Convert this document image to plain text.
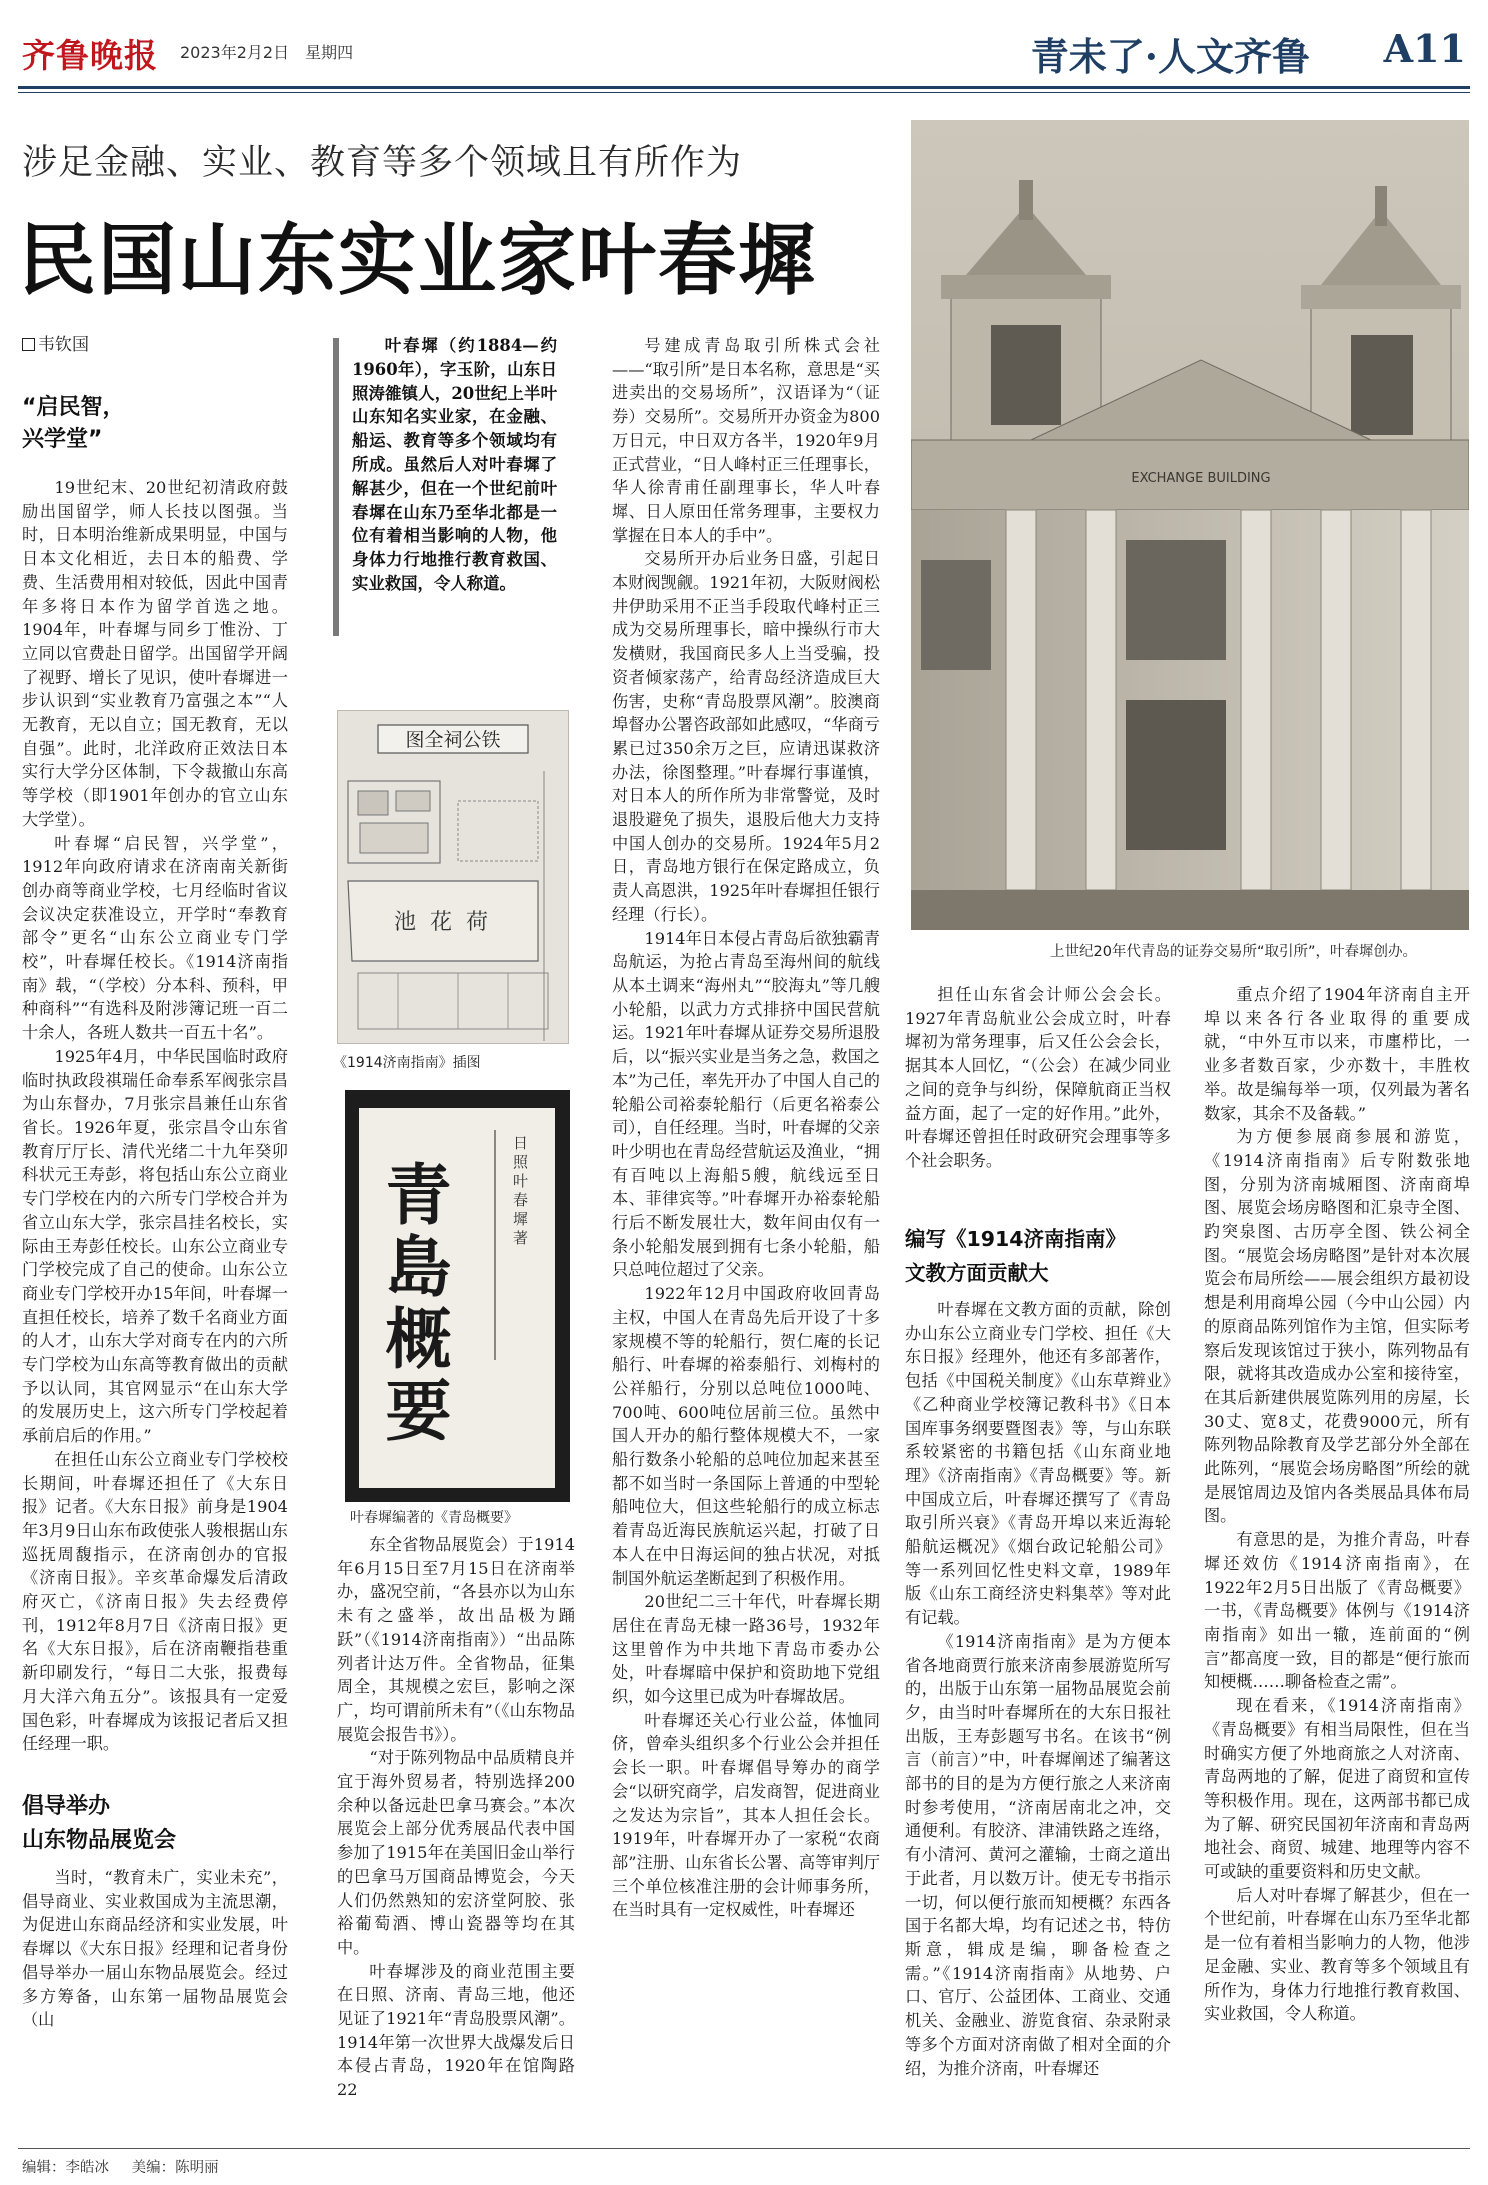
齐鲁晚报 2023年2月2日　星期四	青未了·人文齐鲁 A11
涉足金融、实业、教育等多个领域且有所作为
民国山东实业家叶春墀
韦钦国
“启民智，
兴学堂”

19世纪末、20世纪初清政府鼓励出国留学，师人长技以图强。当时，日本明治维新成果明显，中国与日本文化相近，去日本的船费、学费、生活费用相对较低，因此中国青年多将日本作为留学首选之地。1904年，叶春墀与同乡丁惟汾、丁立同以官费赴日留学。出国留学开阔了视野、增长了见识，使叶春墀进一步认识到“实业教育乃富强之本”“人无教育，无以自立；国无教育，无以自强”。此时，北洋政府正效法日本实行大学分区体制，下令裁撤山东高等学校（即1901年创办的官立山东大学堂）。

叶春墀“启民智，兴学堂”，1912年向政府请求在济南南关新街创办商等商业学校，七月经临时省议会议决定获准设立，开学时“奉教育部令”更名“山东公立商业专门学校”，叶春墀任校长。《1914济南指南》载，“（学校）分本科、预科，甲种商科”“有选科及附涉簿记班一百二十余人，各班人数共一百五十名”。

1925年4月，中华民国临时政府临时执政段祺瑞任命奉系军阀张宗昌为山东督办，7月张宗昌兼任山东省省长。1926年夏，张宗昌令山东省教育厅厅长、清代光绪二十九年癸卯科状元王寿彭，将包括山东公立商业专门学校在内的六所专门学校合并为省立山东大学，张宗昌挂名校长，实际由王寿彭任校长。山东公立商业专门学校完成了自己的使命。山东公立商业专门学校开办15年间，叶春墀一直担任校长，培养了数千名商业方面的人才，山东大学对商专在内的六所专门学校为山东高等教育做出的贡献予以认同，其官网显示“在山东大学的发展历史上，这六所专门学校起着承前启后的作用。”

在担任山东公立商业专门学校校长期间，叶春墀还担任了《大东日报》记者。《大东日报》前身是1904年3月9日山东布政使张人骏根据山东巡抚周馥指示，在济南创办的官报《济南日报》。辛亥革命爆发后清政府灭亡，《济南日报》失去经费停刊，1912年8月7日《济南日报》更名《大东日报》，后在济南鞭指巷重新印刷发行，“每日二大张，报费每月大洋六角五分”。该报具有一定爱国色彩，叶春墀成为该报记者后又担任经理一职。

倡导举办
山东物品展览会

当时，“教育未广，实业未充”，倡导商业、实业救国成为主流思潮，为促进山东商品经济和实业发展，叶春墀以《大东日报》经理和记者身份倡导举办一届山东物品展览会。经过多方筹备，山东第一届物品展览会（山

叶春墀（约1884—约1960年），字玉阶，山东日照涛雒镇人，20世纪上半叶山东知名实业家，在金融、船运、教育等多个领域均有所成。虽然后人对叶春墀了解甚少，但在一个世纪前叶春墀在山东乃至华北都是一位有着相当影响的人物，他身体力行地推行教育救国、实业救国，令人称道。

图全祠公铁
池花荷
《1914济南指南》插图
青島概要	日照叶春墀著
叶春墀编著的《青岛概要》

东全省物品展览会）于1914年6月15日至7月15日在济南举办，盛况空前，“各县亦以为山东未有之盛举，故出品极为踊跃”（《1914济南指南》）“出品陈列者计达万件。全省物品，征集周全，其规模之宏巨，影响之深广，均可谓前所未有”（《山东物品展览会报告书》）。

“对于陈列物品中品质精良并宜于海外贸易者，特别选择200余种以备远赴巴拿马赛会。”本次展览会上部分优秀展品代表中国参加了1915年在美国旧金山举行的巴拿马万国商品博览会，今天人们仍然熟知的宏济堂阿胶、张裕葡萄酒、博山瓷器等均在其中。

叶春墀涉及的商业范围主要在日照、济南、青岛三地，他还见证了1921年“青岛股票风潮”。1914年第一次世界大战爆发后日本侵占青岛，1920年在馆陶路22

号建成青岛取引所株式会社——“取引所”是日本名称，意思是“买进卖出的交易场所”，汉语译为“（证券）交易所”。交易所开办资金为800万日元，中日双方各半，1920年9月正式营业，“日人峰村正三任理事长，华人徐青甫任副理事长，华人叶春墀、日人原田任常务理事，主要权力掌握在日本人的手中”。

交易所开办后业务日盛，引起日本财阀觊觎。1921年初，大阪财阀松井伊助采用不正当手段取代峰村正三成为交易所理事长，暗中操纵行市大发横财，我国商民多人上当受骗，投资者倾家荡产，给青岛经济造成巨大伤害，史称“青岛股票风潮”。胶澳商埠督办公署咨政部如此感叹，“华商亏累已过350余万之巨，应请迅谋救济办法，徐图整理。”叶春墀行事谨慎，对日本人的所作所为非常警觉，及时退股避免了损失，退股后他大力支持中国人创办的交易所。1924年5月2日，青岛地方银行在保定路成立，负责人高恩洪，1925年叶春墀担任银行经理（行长）。

1914年日本侵占青岛后欲独霸青岛航运，为抢占青岛至海州间的航线从本土调来“海州丸”“胶海丸”等几艘小轮船，以武力方式排挤中国民营航运。1921年叶春墀从证券交易所退股后，以“振兴实业是当务之急，救国之本”为己任，率先开办了中国人自己的轮船公司裕泰轮船行（后更名裕泰公司），自任经理。当时，叶春墀的父亲叶少明也在青岛经营航运及渔业，“拥有百吨以上海船5艘，航线远至日本、菲律宾等。”叶春墀开办裕泰轮船行后不断发展壮大，数年间由仅有一条小轮船发展到拥有七条小轮船，船只总吨位超过了父亲。

1922年12月中国政府收回青岛主权，中国人在青岛先后开设了十多家规模不等的轮船行，贺仁庵的长记船行、叶春墀的裕泰船行、刘梅村的公祥船行，分别以总吨位1000吨、700吨、600吨位居前三位。虽然中国人开办的船行整体规模大不，一家船行数条小轮船的总吨位加起来甚至都不如当时一条国际上普通的中型轮船吨位大，但这些轮船行的成立标志着青岛近海民族航运兴起，打破了日本人在中日海运间的独占状况，对抵制国外航运垄断起到了积极作用。

20世纪二三十年代，叶春墀长期居住在青岛无棣一路36号，1932年这里曾作为中共地下青岛市委办公处，叶春墀暗中保护和资助地下党组织，如今这里已成为叶春墀故居。

叶春墀还关心行业公益，体恤同侪，曾牵头组织多个行业公会并担任会长一职。叶春墀倡导筹办的商学会“以研究商学，启发商智，促进商业之发达为宗旨”，其本人担任会长。1919年，叶春墀开办了一家税“农商部”注册、山东省长公署、高等审判厅三个单位核准注册的会计师事务所，在当时具有一定权威性，叶春墀还

EXCHANGE BUILDING
上世纪20年代青岛的证券交易所“取引所”，叶春墀创办。

担任山东省会计师公会会长。1927年青岛航业公会成立时，叶春墀初为常务理事，后又任公会会长，据其本人回忆，“（公会）在减少同业之间的竞争与纠纷，保障航商正当权益方面，起了一定的好作用。”此外，叶春墀还曾担任时政研究会理事等多个社会职务。

编写《1914济南指南》
文教方面贡献大

叶春墀在文教方面的贡献，除创办山东公立商业专门学校、担任《大东日报》经理外，他还有多部著作，包括《中国税关制度》《山东草辫业》《乙种商业学校簿记教科书》《日本国库事务纲要暨图表》等，与山东联系较紧密的书籍包括《山东商业地理》《济南指南》《青岛概要》等。新中国成立后，叶春墀还撰写了《青岛取引所兴衰》《青岛开埠以来近海轮船航运概况》《烟台政记轮船公司》等一系列回忆性史料文章，1989年版《山东工商经济史料集萃》等对此有记载。

《1914济南指南》是为方便本省各地商贾行旅来济南参展游览所写的，出版于山东第一届物品展览会前夕，由当时叶春墀所在的大东日报社出版，王寿彭题写书名。在该书“例言（前言）”中，叶春墀阐述了编著这部书的目的是为方便行旅之人来济南时参考使用，“济南居南北之冲，交通便利。有胶济、津浦铁路之连络，有小清河、黄河之灌输，士商之道出于此者，月以数万计。使无专书指示一切，何以便行旅而知梗概？东西各国于名都大埠，均有记述之书，特仿斯意，辑成是编，聊备检查之需。”《1914济南指南》从地势、户口、官厅、公益团体、工商业、交通机关、金融业、游览食宿、杂录附录等多个方面对济南做了相对全面的介绍，为推介济南，叶春墀还

重点介绍了1904年济南自主开埠以来各行各业取得的重要成就，“中外互市以来，市廛栉比，一业多者数百家，少亦数十，丰胜枚举。故是编每举一项，仅列最为著名数家，其余不及备载。”

为方便参展商参展和游览，《1914济南指南》后专附数张地图，分别为济南城厢图、济南商埠图、展览会场房略图和汇泉寺全图、趵突泉图、古历亭全图、铁公祠全图。“展览会场房略图”是针对本次展览会布局所绘——展会组织方最初设想是利用商埠公园（今中山公园）内的原商品陈列馆作为主馆，但实际考察后发现该馆过于狭小，陈列物品有限，就将其改造成办公室和接待室，在其后新建供展览陈列用的房屋，长30丈、宽8丈，花费9000元，所有陈列物品除教育及学艺部分外全部在此陈列，“展览会场房略图”所绘的就是展馆周边及馆内各类展品具体布局图。

有意思的是，为推介青岛，叶春墀还效仿《1914济南指南》，在1922年2月5日出版了《青岛概要》一书，《青岛概要》体例与《1914济南指南》如出一辙，连前面的“例言”都高度一致，目的都是“便行旅而知梗概……聊备检查之需”。

现在看来，《1914济南指南》《青岛概要》有相当局限性，但在当时确实方便了外地商旅之人对济南、青岛两地的了解，促进了商贸和宣传等积极作用。现在，这两部书都已成为了解、研究民国初年济南和青岛两地社会、商贸、城建、地理等内容不可或缺的重要资料和历史文献。

后人对叶春墀了解甚少，但在一个世纪前，叶春墀在山东乃至华北都是一位有着相当影响力的人物，他涉足金融、实业、教育等多个领域且有所作为，身体力行地推行教育救国、实业救国，令人称道。

编辑：李皓冰 美编：陈明丽
